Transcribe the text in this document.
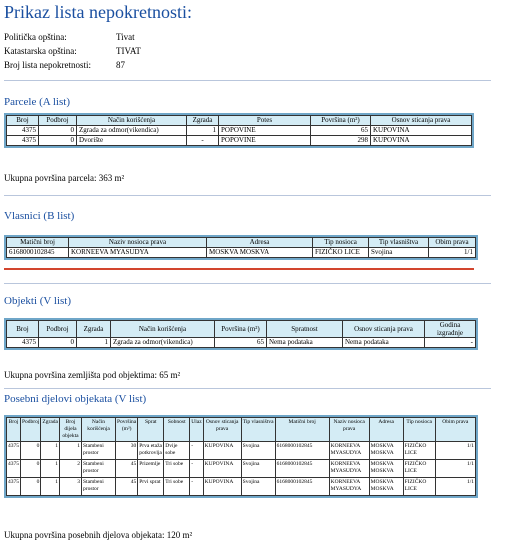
Prikaz lista nepokretnosti:
Politička opština:	Tivat
Katastarska opština:	TIVAT
Broj lista nepokretnosti:	87
Parcele (A list)
Broj	Podbroj	Način korišćenja	Zgrada	Potes	Površina (m²)	Osnov sticanja prava
4375	0	Zgrada za odmor(vikendica)	1	POPOVINE	65	KUPOVINA
4375	0	Dvorište	-	POPOVINE	298	KUPOVINA
Ukupna površina parcela: 363 m²
Vlasnici (B list)
Matični broj	Naziv nosioca prava	Adresa	Tip nosioca	Tip vlasništva	Obim prava
6168000102845	KORNEEVA MYASUDYA	MOSKVA MOSKVA	FIZIČKO LICE	Svojina	1/1
Objekti (V list)
Broj	Podbroj	Zgrada	Način korišćenja	Površina (m²)	Spratnost	Osnov sticanja prava	Godina izgradnje
4375	0	1	Zgrada za odmor(vikendica)	65	Nema podataka	Nema podataka	-
Ukupna površina zemljišta pod objektima: 65 m²
Posebni djelovi objekata (V list)
Broj	Podbroj	Zgrada	Broj dijela objekta	Način korišćenja	Površina (m²)	Sprat	Sobnost	Ulaz	Osnov sticanja prava	Tip vlasništva	Matični broj	Naziv nosioca prava	Adresa	Tip nosioca	Obim prava
4375	0	1	1	Stambeni prostor	30	Prva etaža potkrovlja	Dvije sobe	-	KUPOVINA	Svojina	6168000102845	KORNEEVA MYASUDYA	MOSKVA MOSKVA	FIZIČKO LICE	1/1
4375	0	1	2	Stambeni prostor	45	Prizemlje	Tri sobe	-	KUPOVINA	Svojina	6168000102845	KORNEEVA MYASUDYA	MOSKVA MOSKVA	FIZIČKO LICE	1/1
4375	0	1	3	Stambeni prostor	45	Prvi sprat	Tri sobe	-	KUPOVINA	Svojina	6168000102845	KORNEEVA MYASUDYA	MOSKVA MOSKVA	FIZIČKO LICE	1/1
Ukupna površina posebnih djelova objekata: 120 m²
